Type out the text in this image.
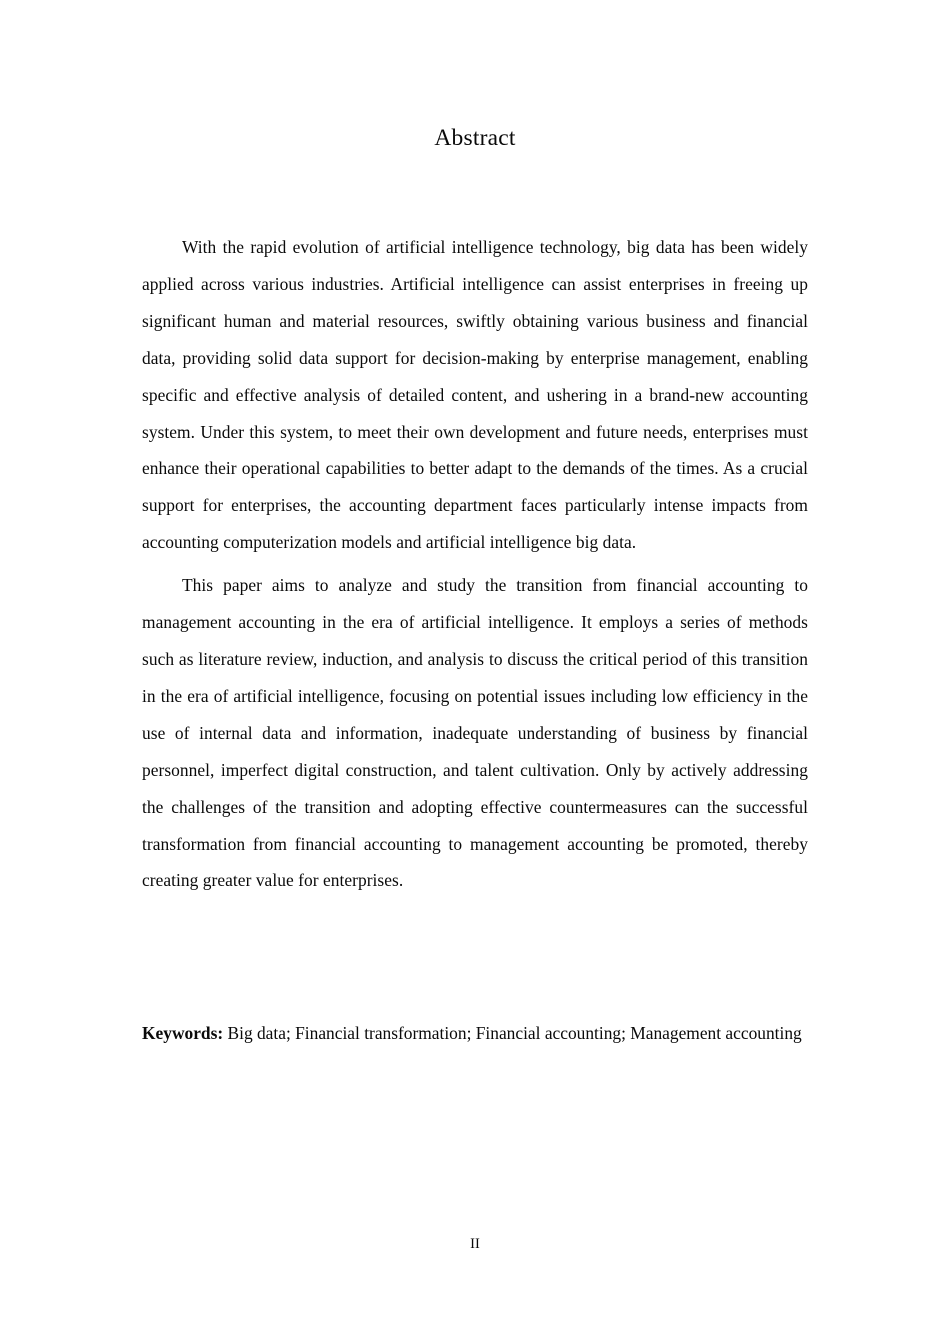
Abstract

With the rapid evolution of artificial intelligence technology, big data has been widely applied across various industries. Artificial intelligence can assist enterprises in freeing up significant human and material resources, swiftly obtaining various business and financial data, providing solid data support for decision-making by enterprise management, enabling specific and effective analysis of detailed content, and ushering in a brand-new accounting system. Under this system, to meet their own development and future needs, enterprises must enhance their operational capabilities to better adapt to the demands of the times. As a crucial support for enterprises, the accounting department faces particularly intense impacts from accounting computerization models and artificial intelligence big data.

This paper aims to analyze and study the transition from financial accounting to management accounting in the era of artificial intelligence. It employs a series of methods such as literature review, induction, and analysis to discuss the critical period of this transition in the era of artificial intelligence, focusing on potential issues including low efficiency in the use of internal data and information, inadequate understanding of business by financial personnel, imperfect digital construction, and talent cultivation. Only by actively addressing the challenges of the transition and adopting effective countermeasures can the successful transformation from financial accounting to management accounting be promoted, thereby creating greater value for enterprises.

Keywords: Big data; Financial transformation; Financial accounting; Management accounting

II
